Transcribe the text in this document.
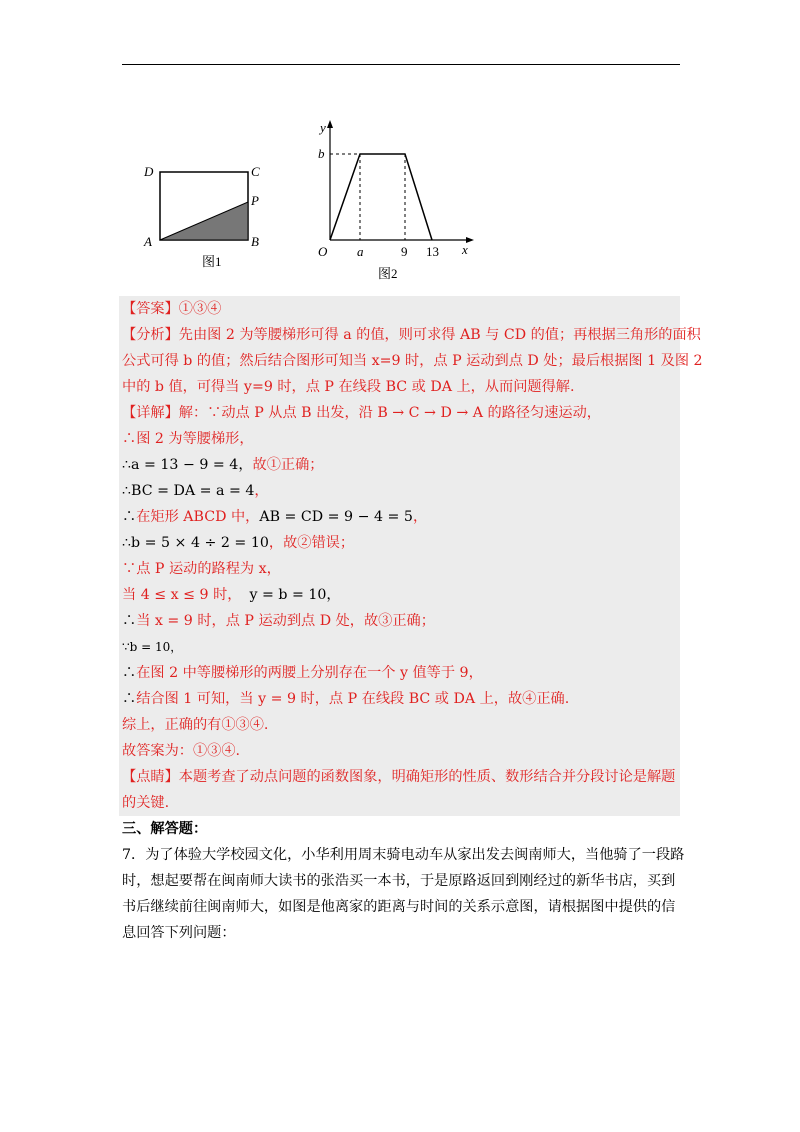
D	C
P
A	B
图1
y
b
O a	9 13 x
图2
【答案】①③④
【分析】先由图 2 为等腰梯形可得 a 的值，则可求得 AB 与 CD 的值；再根据三角形的面积
公式可得 b 的值；然后结合图形可知当 x=9 时，点 P 运动到点 D 处；最后根据图 1 及图 2
中的 b 值，可得当 y=9 时，点 P 在线段 BC 或 DA 上，从而问题得解.
【详解】解：∵动点 P 从点 B 出发，沿 B → C → D → A 的路径匀速运动，
∴图 2 为等腰梯形，
∴a = 13 − 9 = 4，故①正确；
∴BC = DA = a = 4，
∴在矩形 ABCD 中，AB = CD = 9 − 4 = 5，
∴b = 5 × 4 ÷ 2 = 10，故②错误；
∵点 P 运动的路程为 x，
当 4 ≤ x ≤ 9 时， y = b = 10，
∴当 x = 9 时，点 P 运动到点 D 处，故③正确；
∵b = 10，
∴在图 2 中等腰梯形的两腰上分别存在一个 y 值等于 9，
∴结合图 1 可知，当 y = 9 时，点 P 在线段 BC 或 DA 上，故④正确.
综上，正确的有①③④.
故答案为：①③④.
【点睛】本题考查了动点问题的函数图象，明确矩形的性质、数形结合并分段讨论是解题
的关键.
三、解答题：
7．为了体验大学校园文化，小华利用周末骑电动车从家出发去闽南师大，当他骑了一段路
时，想起要帮在闽南师大读书的张浩买一本书，于是原路返回到刚经过的新华书店，买到
书后继续前往闽南师大，如图是他离家的距离与时间的关系示意图，请根据图中提供的信
息回答下列问题：
